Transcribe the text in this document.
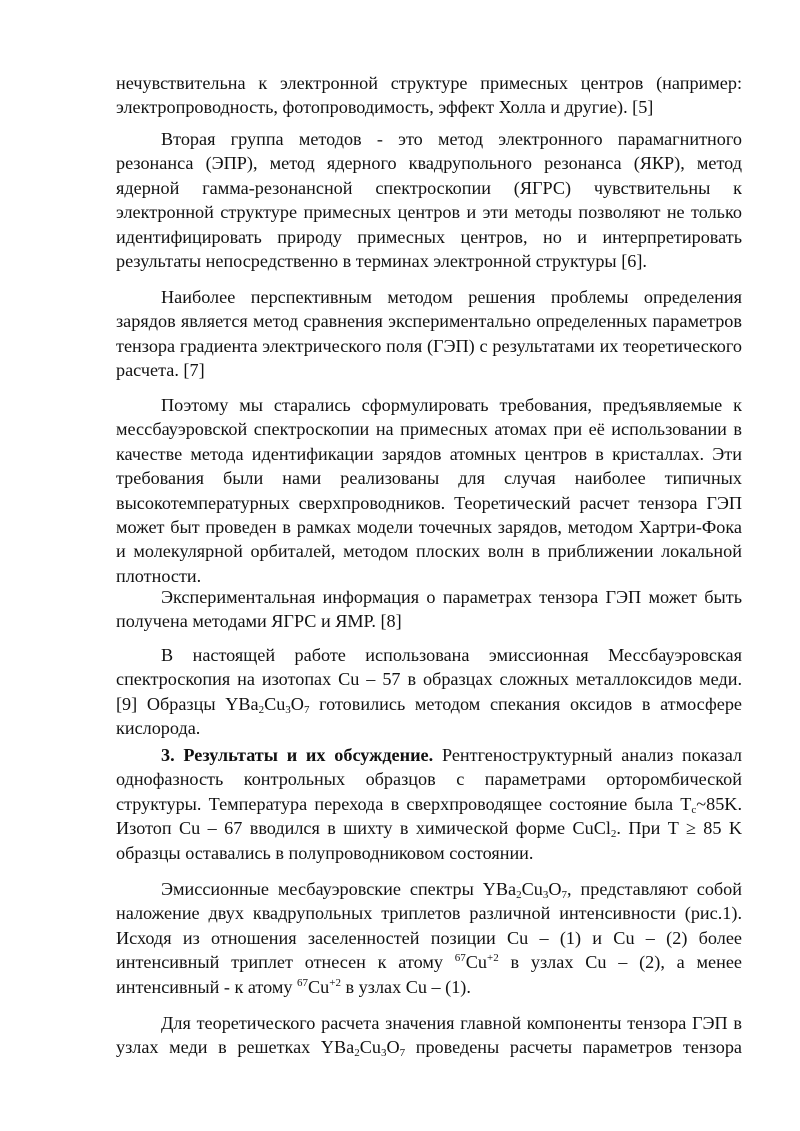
нечувствительна к электронной структуре примесных центров (например: электропроводность, фотопроводимость, эффект Холла и другие). [5]

Вторая группа методов - это метод электронного парамагнитного резонанса (ЭПР), метод ядерного квадрупольного резонанса (ЯКР), метод ядерной гамма-резонансной спектроскопии (ЯГРС) чувствительны к электронной структуре примесных центров и эти методы позволяют не только идентифицировать природу примесных центров, но и интерпретировать результаты непосредственно в терминах электронной структуры [6].

Наиболее перспективным методом решения проблемы определения зарядов является метод сравнения экспериментально определенных параметров тензора градиента электрического поля (ГЭП) с результатами их теоретического расчета. [7]

Поэтому мы старались сформулировать требования, предъявляемые к мессбауэровской спектроскопии на примесных атомах при её использовании в качестве метода идентификации зарядов атомных центров в кристаллах. Эти требования были нами реализованы для случая наиболее типичных высокотемпературных сверхпроводников. Теоретический расчет тензора ГЭП может быт проведен в рамках модели точечных зарядов, методом Хартри-Фока и молекулярной орбиталей, методом плоских волн в приближении локальной плотности.

Экспериментальная информация о параметрах тензора ГЭП может быть получена методами ЯГРС и ЯМР. [8]

В настоящей работе использована эмиссионная Мессбауэровская спектроскопия на изотопах Cu – 57 в образцах сложных металлоксидов меди. [9] Образцы $YBa_2Cu_3O_7$ готовились методом спекания оксидов в атмосфере кислорода.

3. Результаты и их обсуждение. Рентгеноструктурный анализ показал однофазность контрольных образцов с параметрами орторомбической структуры. Температура перехода в сверхпроводящее состояние была $T_c\sim 85K$. Изотоп Cu – 67 вводился в шихту в химической форме CuCl$_2$. При T ≥ 85 K образцы оставались в полупроводниковом состоянии.

Эмиссионные месбауэровские спектры $YBa_2Cu_3O_7$, представляют собой наложение двух квадрупольных триплетов различной интенсивности (рис.1). Исходя из отношения заселенностей позиции Cu – (1) и Cu – (2) более интенсивный триплет отнесен к атому $^{67}Cu^{+2}$ в узлах Cu – (2), а менее интенсивный - к атому $^{67}Cu^{+2}$ в узлах Cu – (1).

Для теоретического расчета значения главной компоненты тензора ГЭП в узлах меди в решетках $YBa_2Cu_3O_7$ проведены расчеты параметров тензора
